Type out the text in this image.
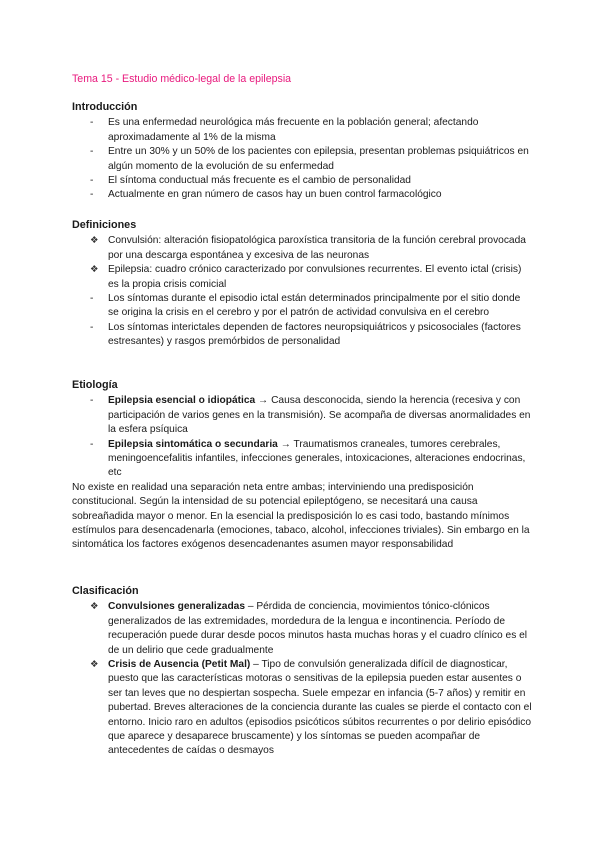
Tema 15 - Estudio médico-legal de la epilepsia
Introducción
-	Es una enfermedad neurológica más frecuente en la población general; afectando aproximadamente al 1% de la misma
-	Entre un 30% y un 50% de los pacientes con epilepsia, presentan problemas psiquiátricos en algún momento de la evolución de su enfermedad
-	El síntoma conductual más frecuente es el cambio de personalidad
-	Actualmente en gran número de casos hay un buen control farmacológico
Definiciones
❖ Convulsión: alteración fisiopatológica paroxística transitoria de la función cerebral provocada por una descarga espontánea y excesiva de las neuronas
❖ Epilepsia: cuadro crónico caracterizado por convulsiones recurrentes. El evento ictal (crisis) es la propia crisis comicial
-	Los síntomas durante el episodio ictal están determinados principalmente por el sitio donde se origina la crisis en el cerebro y por el patrón de actividad convulsiva en el cerebro
-	Los síntomas interictales dependen de factores neuropsiquiátricos y psicosociales (factores estresantes) y rasgos premórbidos de personalidad
Etiología
-	Epilepsia esencial o idiopática → Causa desconocida, siendo la herencia (recesiva y con participación de varios genes en la transmisión). Se acompaña de diversas anormalidades en la esfera psíquica
-	Epilepsia sintomática o secundaria → Traumatismos craneales, tumores cerebrales, meningoencefalitis infantiles, infecciones generales, intoxicaciones, alteraciones endocrinas, etc

No existe en realidad una separación neta entre ambas; interviniendo una predisposición constitucional. Según la intensidad de su potencial epileptógeno, se necesitará una causa sobreañadida mayor o menor. En la esencial la predisposición lo es casi todo, bastando mínimos estímulos para desencadenarla (emociones, tabaco, alcohol, infecciones triviales). Sin embargo en la sintomática los factores exógenos desencadenantes asumen mayor responsabilidad

Clasificación
❖ Convulsiones generalizadas – Pérdida de conciencia, movimientos tónico-clónicos generalizados de las extremidades, mordedura de la lengua e incontinencia. Período de recuperación puede durar desde pocos minutos hasta muchas horas y el cuadro clínico es el de un delirio que cede gradualmente
❖ Crisis de Ausencia (Petit Mal) – Tipo de convulsión generalizada difícil de diagnosticar, puesto que las características motoras o sensitivas de la epilepsia pueden estar ausentes o ser tan leves que no despiertan sospecha. Suele empezar en infancia (5-7 años) y remitir en pubertad. Breves alteraciones de la conciencia durante las cuales se pierde el contacto con el entorno. Inicio raro en adultos (episodios psicóticos súbitos recurrentes o por delirio episódico que aparece y desaparece bruscamente) y los síntomas se pueden acompañar de antecedentes de caídas o desmayos
